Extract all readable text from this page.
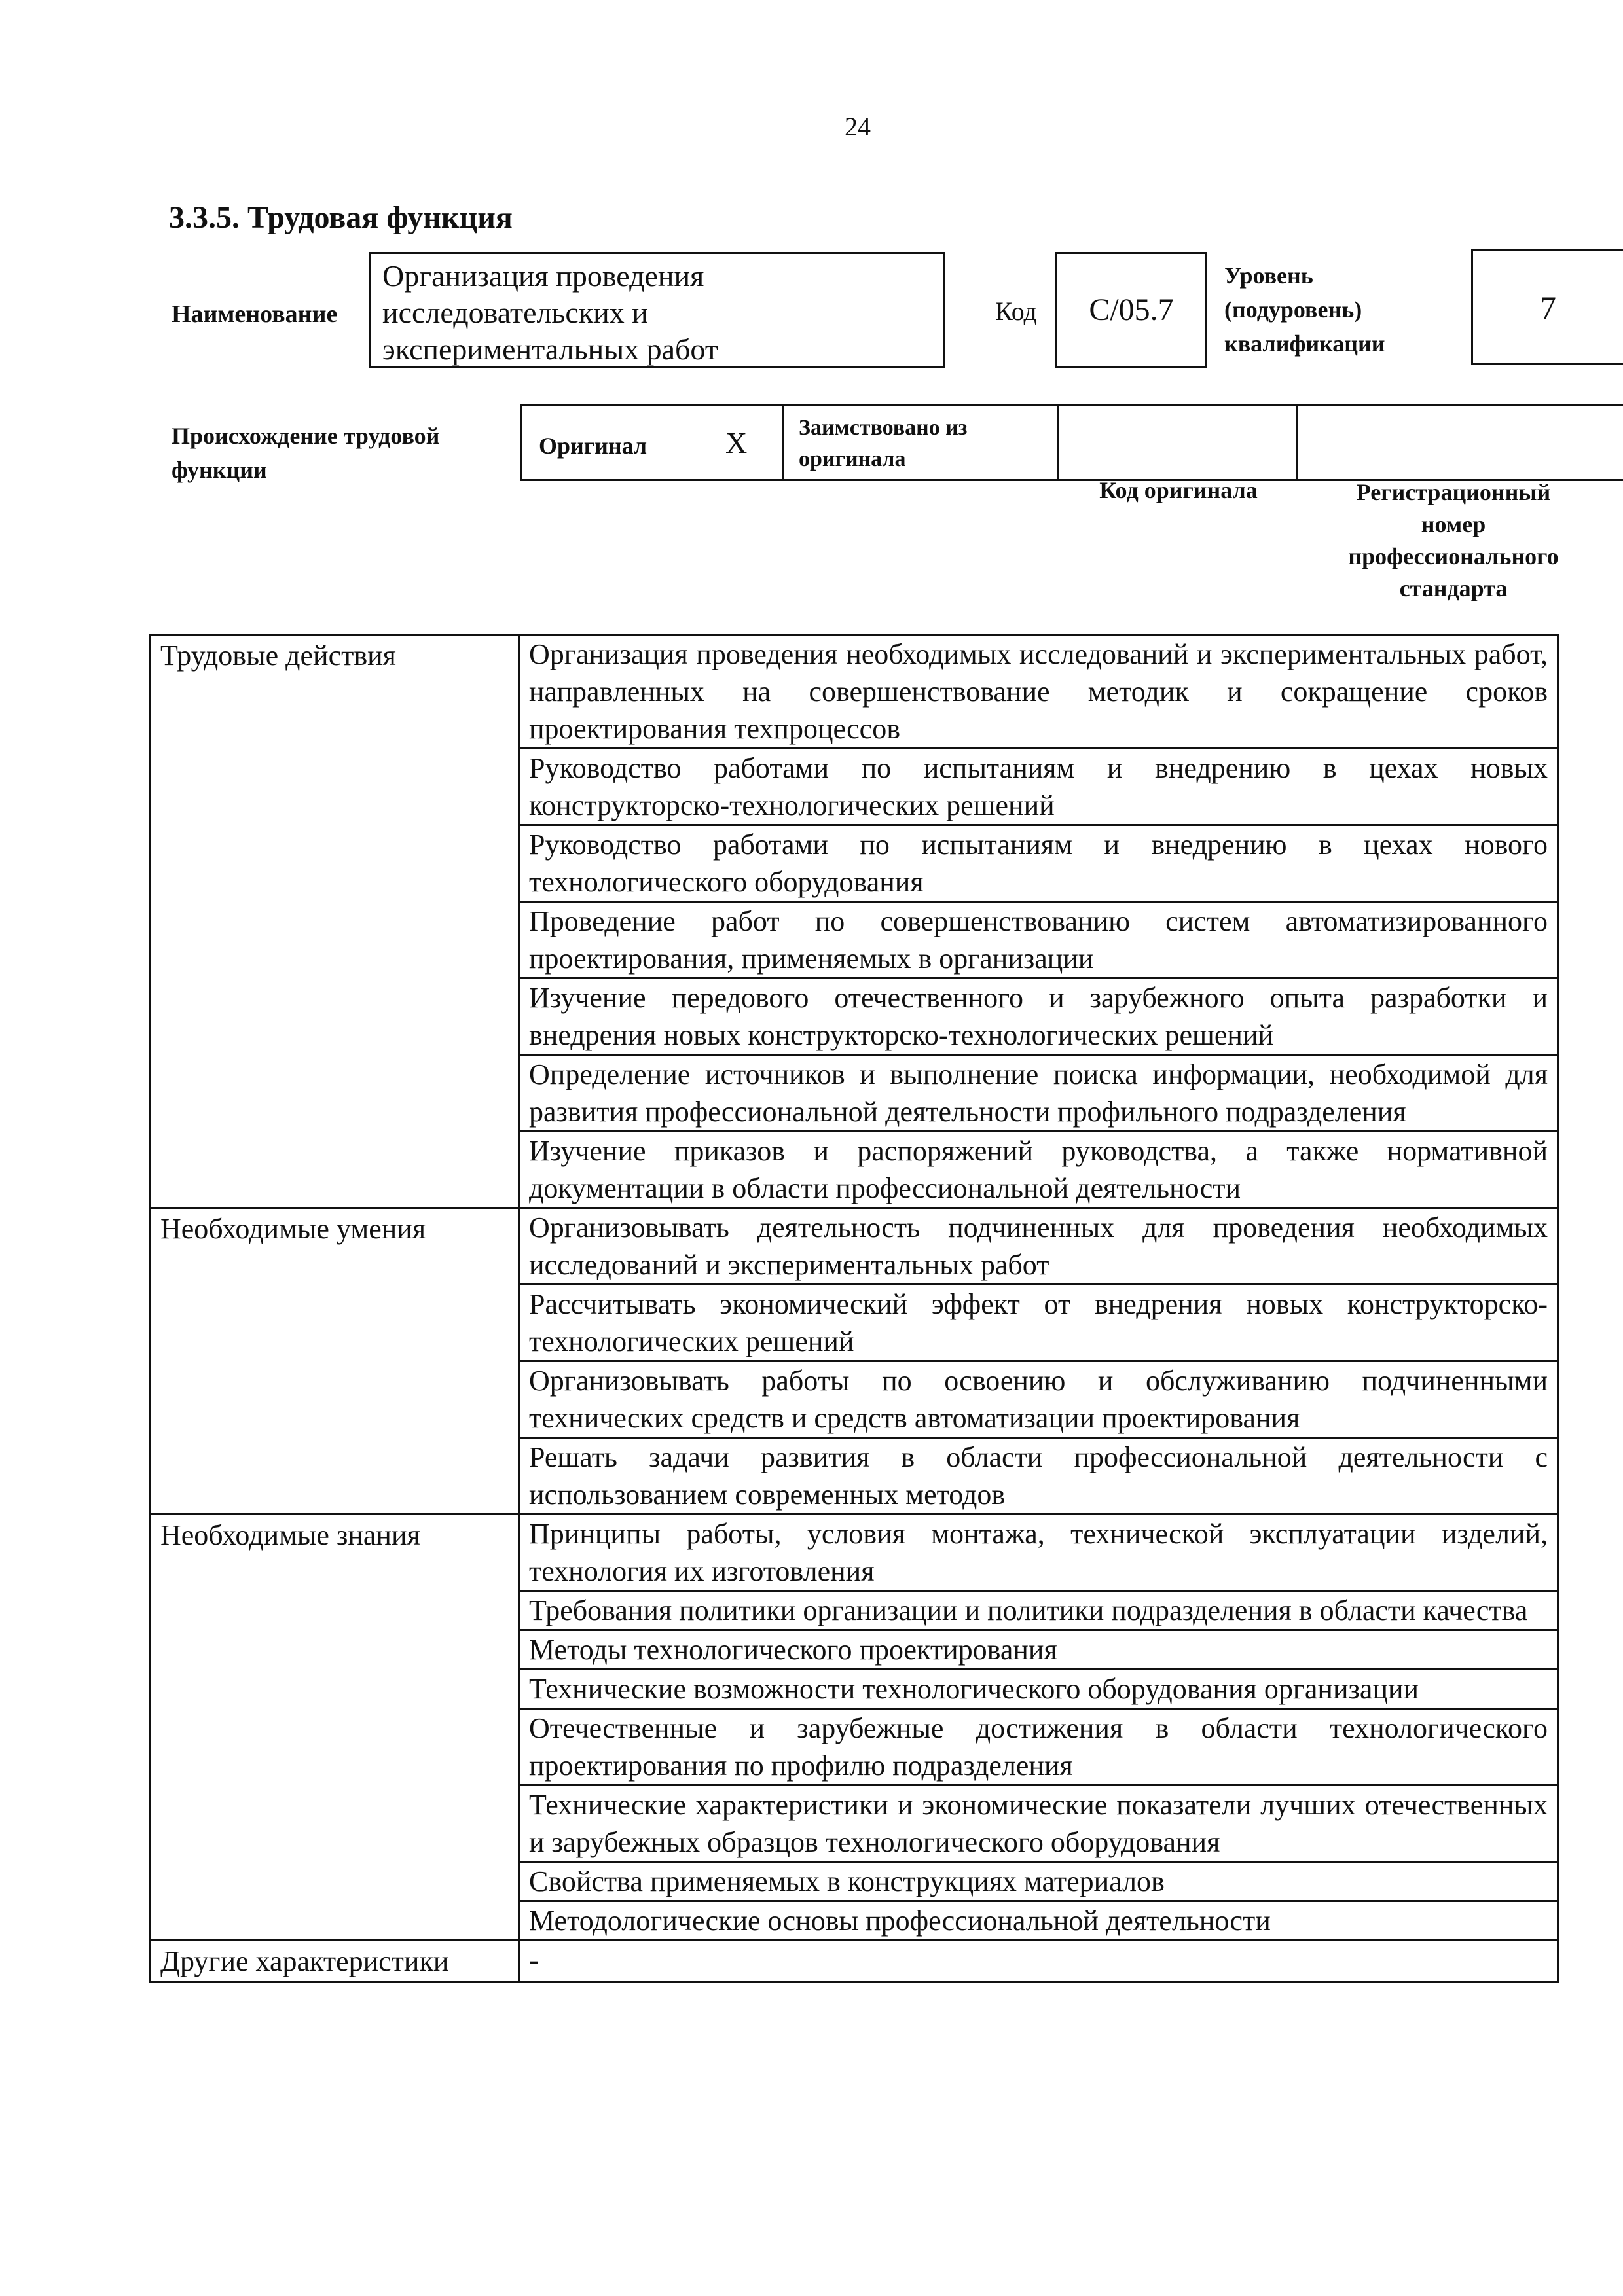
24
3.3.5. Трудовая функция
Наименование
Организация проведения
исследовательских и
экспериментальных работ
Код	С/05.7
Уровень
(подуровень)
квалификации
7
Происхождение трудовой
функции
Оригинал	X Заимствовано из
оригинала
Код оригинала	Регистрационный
номер
профессионального
стандарта
Трудовые действия	Организация проведения необходимых исследований и экспериментальных работ, направленных на совершенствование методик и сокращение сроков проектирования техпроцессов
	Руководство работами по испытаниям и внедрению в цехах новых конструкторско-технологических решений
	Руководство работами по испытаниям и внедрению в цехах нового технологического оборудования
	Проведение работ по совершенствованию систем автоматизированного проектирования, применяемых в организации
	Изучение передового отечественного и зарубежного опыта разработки и внедрения новых конструкторско-технологических решений
	Определение источников и выполнение поиска информации, необходимой для развития профессиональной деятельности профильного подразделения
	Изучение приказов и распоряжений руководства, а также нормативной документации в области профессиональной деятельности
Необходимые умения	Организовывать деятельность подчиненных для проведения необходимых исследований и экспериментальных работ
	Рассчитывать экономический эффект от внедрения новых конструкторско-технологических решений
	Организовывать работы по освоению и обслуживанию подчиненными технических средств и средств автоматизации проектирования
	Решать задачи развития в области профессиональной деятельности с использованием современных методов
Необходимые знания	Принципы работы, условия монтажа, технической эксплуатации изделий, технология их изготовления
	Требования политики организации и политики подразделения в области качества
	Методы технологического проектирования
	Технические возможности технологического оборудования организации
	Отечественные и зарубежные достижения в области технологического проектирования по профилю подразделения
	Технические характеристики и экономические показатели лучших отечественных и зарубежных образцов технологического оборудования
	Свойства применяемых в конструкциях материалов
	Методологические основы профессиональной деятельности
Другие характеристики	-
